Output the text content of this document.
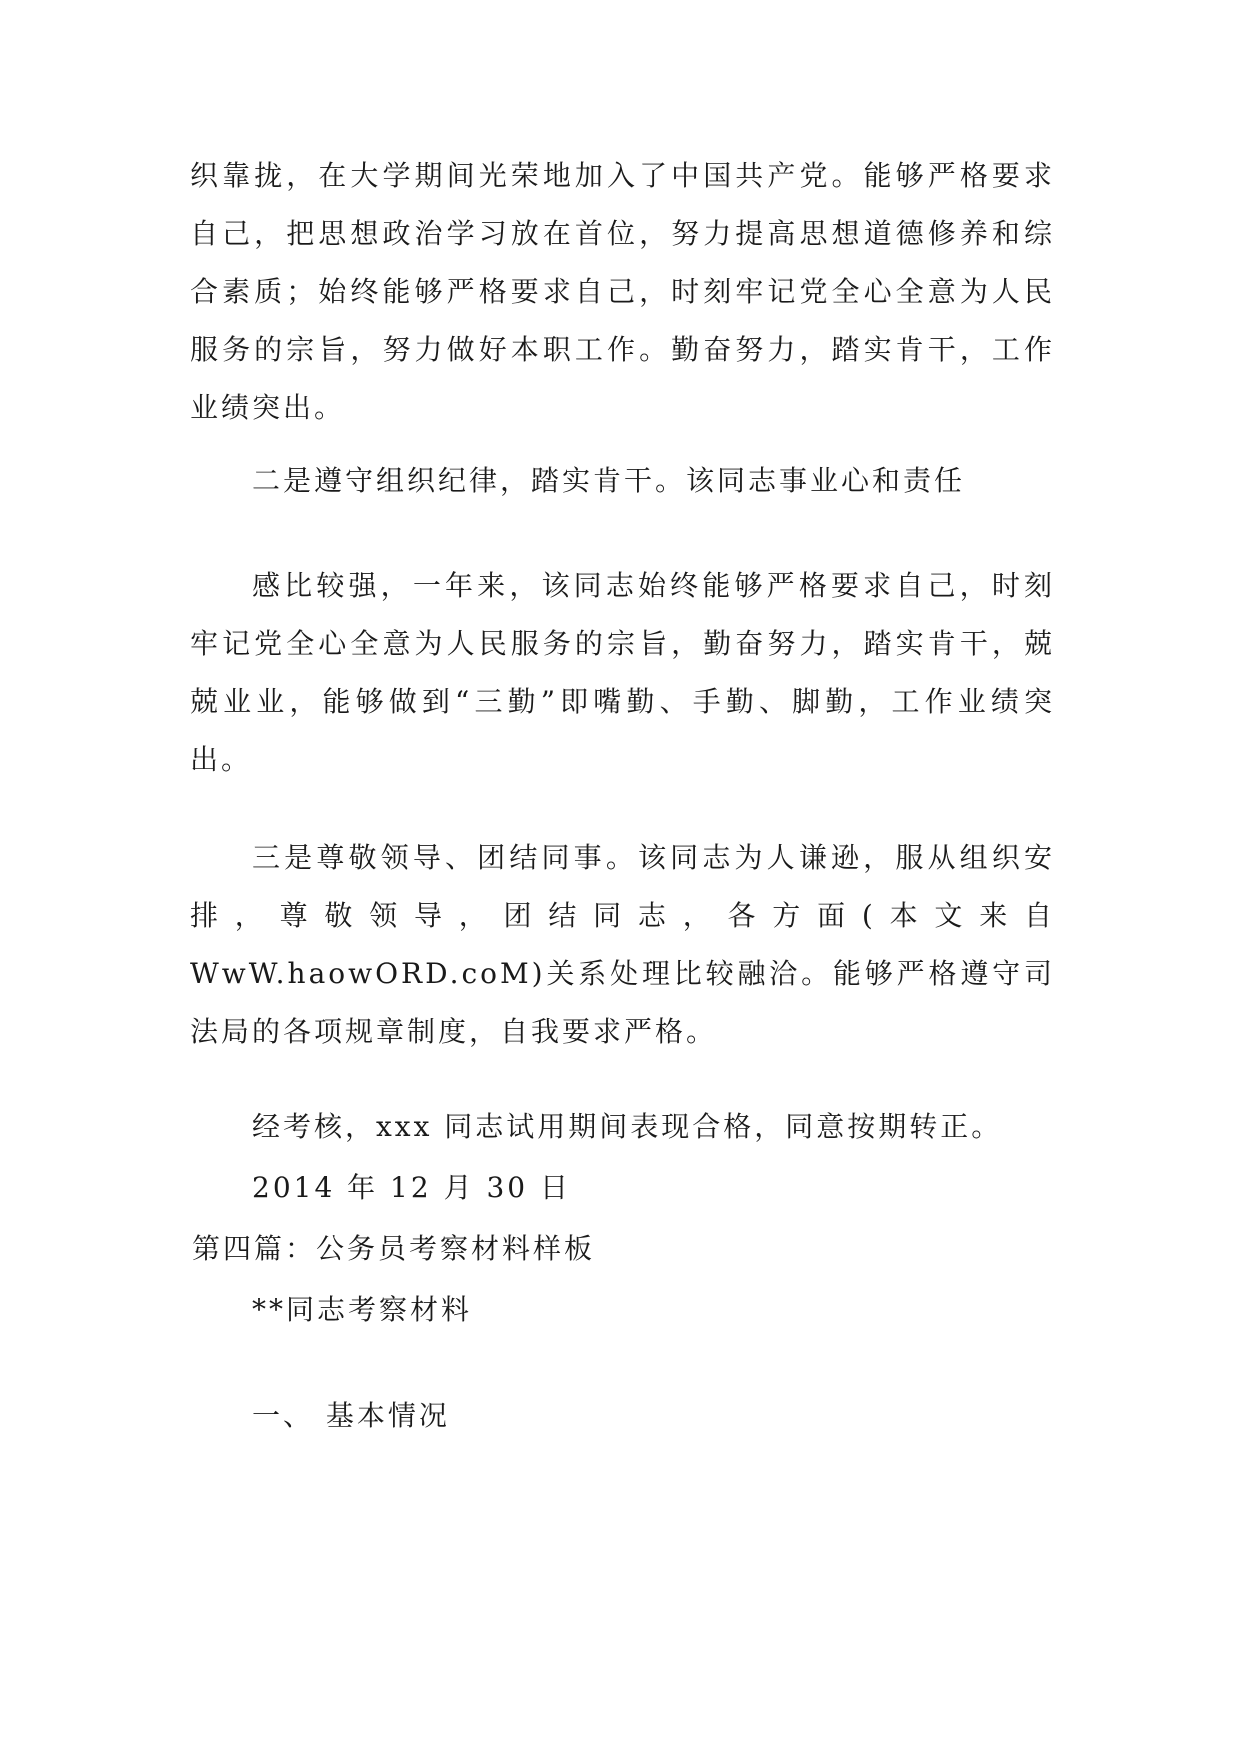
织靠拢，在大学期间光荣地加入了中国共产党。能够严格要求自己，把思想政治学习放在首位，努力提高思想道德修养和综合素质；始终能够严格要求自己，时刻牢记党全心全意为人民服务的宗旨，努力做好本职工作。勤奋努力，踏实肯干，工作业绩突出。

二是遵守组织纪律，踏实肯干。该同志事业心和责任

感比较强，一年来，该同志始终能够严格要求自己，时刻牢记党全心全意为人民服务的宗旨，勤奋努力，踏实肯干，兢兢业业，能够做到“三勤”即嘴勤、手勤、脚勤，工作业绩突出。

三是尊敬领导、团结同事。该同志为人谦逊，服从组织安排，尊敬领导，团结同志，各方面(本文来自WwW.haowORD.coM)关系处理比较融洽。能够严格遵守司法局的各项规章制度，自我要求严格。

经考核，xxx 同志试用期间表现合格，同意按期转正。

2014 年 12 月 30 日

第四篇：公务员考察材料样板

**同志考察材料

一、 基本情况
